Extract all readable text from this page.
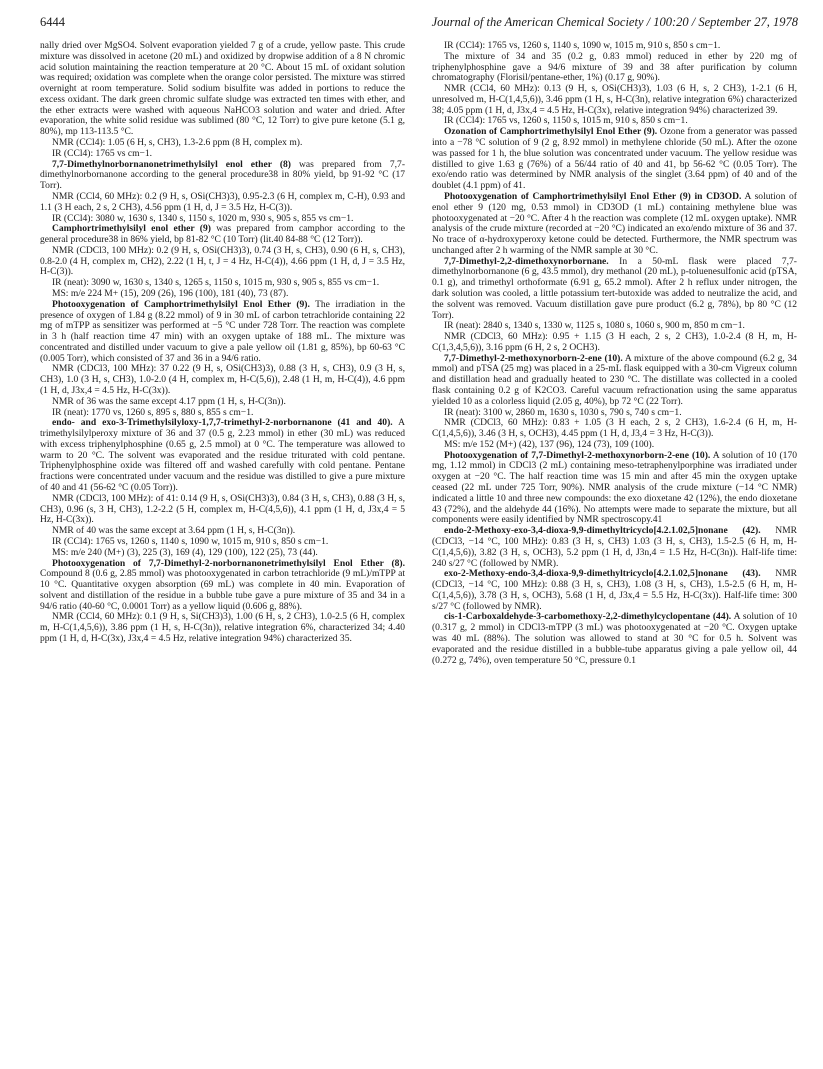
6444	Journal of the American Chemical Society / 100:20 / September 27, 1978

nally dried over MgSO4. Solvent evaporation yielded 7 g of a crude, yellow paste. This crude mixture was dissolved in acetone (20 mL) and oxidized by dropwise addition of a 8 N chromic acid solution maintaining the reaction temperature at 20 °C. About 15 mL of oxidant solution was required; oxidation was complete when the orange color persisted. The mixture was stirred overnight at room temperature. Solid sodium bisulfite was added in portions to reduce the excess oxidant. The dark green chromic sulfate sludge was extracted ten times with ether, and the ether extracts were washed with aqueous NaHCO3 solution and water and dried. After evaporation, the white solid residue was sublimed (80 °C, 12 Torr) to give pure ketone (5.1 g, 80%), mp 113-113.5 °C.

NMR (CCl4): 1.05 (6 H, s, CH3), 1.3-2.6 ppm (8 H, complex m).

IR (CCl4): 1765 vs cm−1.

7,7-Dimethylnorbornanonetrimethylsilyl enol ether (8) was prepared from 7,7-dimethylnorbornanone according to the general procedure38 in 80% yield, bp 91-92 °C (17 Torr).

NMR (CCl4, 60 MHz): 0.2 (9 H, s, OSi(CH3)3), 0.95-2.3 (6 H, complex m, C-H), 0.93 and 1.1 (3 H each, 2 s, 2 CH3), 4.56 ppm (1 H, d, J = 3.5 Hz, H-C(3)).

IR (CCl4): 3080 w, 1630 s, 1340 s, 1150 s, 1020 m, 930 s, 905 s, 855 vs cm−1.

Camphortrimethylsilyl enol ether (9) was prepared from camphor according to the general procedure38 in 86% yield, bp 81-82 °C (10 Torr) (lit.40 84-88 °C (12 Torr)).

NMR (CDCl3, 100 MHz): 0.2 (9 H, s, OSi(CH3)3), 0.74 (3 H, s, CH3), 0.90 (6 H, s, CH3), 0.8-2.0 (4 H, complex m, CH2), 2.22 (1 H, t, J = 4 Hz, H-C(4)), 4.66 ppm (1 H, d, J = 3.5 Hz, H-C(3)).

IR (neat): 3090 w, 1630 s, 1340 s, 1265 s, 1150 s, 1015 m, 930 s, 905 s, 855 vs cm−1.

MS: m/e 224 M+ (15), 209 (26), 196 (100), 181 (40), 73 (87).

Photooxygenation of Camphortrimethylsilyl Enol Ether (9). The irradiation in the presence of oxygen of 1.84 g (8.22 mmol) of 9 in 30 mL of carbon tetrachloride containing 22 mg of mTPP as sensitizer was performed at −5 °C under 728 Torr. The reaction was complete in 3 h (half reaction time 47 min) with an oxygen uptake of 188 mL. The mixture was concentrated and distilled under vacuum to give a pale yellow oil (1.81 g, 85%), bp 60-63 °C (0.005 Torr), which consisted of 37 and 36 in a 94/6 ratio.

NMR (CDCl3, 100 MHz): 37 0.22 (9 H, s, OSi(CH3)3), 0.88 (3 H, s, CH3), 0.9 (3 H, s, CH3), 1.0 (3 H, s, CH3), 1.0-2.0 (4 H, complex m, H-C(5,6)), 2.48 (1 H, m, H-C(4)), 4.6 ppm (1 H, d, J3x,4 = 4.5 Hz, H-C(3x)).

NMR of 36 was the same except 4.17 ppm (1 H, s, H-C(3n)).

IR (neat): 1770 vs, 1260 s, 895 s, 880 s, 855 s cm−1.

endo- and exo-3-Trimethylsilyloxy-1,7,7-trimethyl-2-norbornanone (41 and 40). A trimethylsilylperoxy mixture of 36 and 37 (0.5 g, 2.23 mmol) in ether (30 mL) was reduced with excess triphenylphosphine (0.65 g, 2.5 mmol) at 0 °C. The temperature was allowed to warm to 20 °C. The solvent was evaporated and the residue triturated with cold pentane. Triphenylphosphine oxide was filtered off and washed carefully with cold pentane. Pentane fractions were concentrated under vacuum and the residue was distilled to give a pure mixture of 40 and 41 (56-62 °C (0.05 Torr)).

NMR (CDCl3, 100 MHz): of 41: 0.14 (9 H, s, OSi(CH3)3), 0.84 (3 H, s, CH3), 0.88 (3 H, s, CH3), 0.96 (s, 3 H, CH3), 1.2-2.2 (5 H, complex m, H-C(4,5,6)), 4.1 ppm (1 H, d, J3x,4 = 5 Hz, H-C(3x)).

NMR of 40 was the same except at 3.64 ppm (1 H, s, H-C(3n)).

IR (CCl4): 1765 vs, 1260 s, 1140 s, 1090 w, 1015 m, 910 s, 850 s cm−1.

MS: m/e 240 (M+) (3), 225 (3), 169 (4), 129 (100), 122 (25), 73 (44).

Photooxygenation of 7,7-Dimethyl-2-norbornanonetrimethylsilyl Enol Ether (8). Compound 8 (0.6 g, 2.85 mmol) was photooxygenated in carbon tetrachloride (9 mL)/mTPP at 10 °C. Quantitative oxygen absorption (69 mL) was complete in 40 min. Evaporation of solvent and distillation of the residue in a bubble tube gave a pure mixture of 35 and 34 in a 94/6 ratio (40-60 °C, 0.0001 Torr) as a yellow liquid (0.606 g, 88%).

NMR (CCl4, 60 MHz): 0.1 (9 H, s, Si(CH3)3), 1.00 (6 H, s, 2 CH3), 1.0-2.5 (6 H, complex m, H-C(1,4,5,6)), 3.86 ppm (1 H, s, H-C(3n)), relative integration 6%, characterized 34; 4.40 ppm (1 H, d, H-C(3x), J3x,4 = 4.5 Hz, relative integration 94%) characterized 35.

IR (CCl4): 1765 vs, 1260 s, 1140 s, 1090 w, 1015 m, 910 s, 850 s cm−1.

The mixture of 34 and 35 (0.2 g, 0.83 mmol) reduced in ether by 220 mg of triphenylphosphine gave a 94/6 mixture of 39 and 38 after purification by column chromatography (Florisil/pentane-ether, 1%) (0.17 g, 90%).

NMR (CCl4, 60 MHz): 0.13 (9 H, s, OSi(CH3)3), 1.03 (6 H, s, 2 CH3), 1-2.1 (6 H, unresolved m, H-C(1,4,5,6)), 3.46 ppm (1 H, s, H-C(3n), relative integration 6%) characterized 38; 4.05 ppm (1 H, d, J3x,4 = 4.5 Hz, H-C(3x), relative integration 94%) characterized 39.

IR (CCl4): 1765 vs, 1260 s, 1150 s, 1015 m, 910 s, 850 s cm−1.

Ozonation of Camphortrimethylsilyl Enol Ether (9). Ozone from a generator was passed into a −78 °C solution of 9 (2 g, 8.92 mmol) in methylene chloride (50 mL). After the ozone was passed for 1 h, the blue solution was concentrated under vacuum. The yellow residue was distilled to give 1.63 g (76%) of a 56/44 ratio of 40 and 41, bp 56-62 °C (0.05 Torr). The exo/endo ratio was determined by NMR analysis of the singlet (3.64 ppm) of 40 and of the doublet (4.1 ppm) of 41.

Photooxygenation of Camphortrimethylsilyl Enol Ether (9) in CD3OD. A solution of enol ether 9 (120 mg, 0.53 mmol) in CD3OD (1 mL) containing methylene blue was photooxygenated at −20 °C. After 4 h the reaction was complete (12 mL oxygen uptake). NMR analysis of the crude mixture (recorded at −20 °C) indicated an exo/endo mixture of 36 and 37. No trace of α-hydroxyperoxy ketone could be detected. Furthermore, the NMR spectrum was unchanged after 2 h warming of the NMR sample at 30 °C.

7,7-Dimethyl-2,2-dimethoxynorbornane. In a 50-mL flask were placed 7,7-dimethylnorbornanone (6 g, 43.5 mmol), dry methanol (20 mL), p-toluenesulfonic acid (pTSA, 0.1 g), and trimethyl orthoformate (6.91 g, 65.2 mmol). After 2 h reflux under nitrogen, the dark solution was cooled, a little potassium tert-butoxide was added to neutralize the acid, and the solvent was removed. Vacuum distillation gave pure product (6.2 g, 78%), bp 80 °C (12 Torr).

IR (neat): 2840 s, 1340 s, 1330 w, 1125 s, 1080 s, 1060 s, 900 m, 850 m cm−1.

NMR (CDCl3, 60 MHz): 0.95 + 1.15 (3 H each, 2 s, 2 CH3), 1.0-2.4 (8 H, m, H-C(1,3,4,5,6)), 3.16 ppm (6 H, 2 s, 2 OCH3).

7,7-Dimethyl-2-methoxynorborn-2-ene (10). A mixture of the above compound (6.2 g, 34 mmol) and pTSA (25 mg) was placed in a 25-mL flask equipped with a 30-cm Vigreux column and distillation head and gradually heated to 230 °C. The distillate was collected in a cooled flask containing 0.2 g of K2CO3. Careful vacuum refractionation using the same apparatus yielded 10 as a colorless liquid (2.05 g, 40%), bp 72 °C (22 Torr).

IR (neat): 3100 w, 2860 m, 1630 s, 1030 s, 790 s, 740 s cm−1.

NMR (CDCl3, 60 MHz): 0.83 + 1.05 (3 H each, 2 s, 2 CH3), 1.6-2.4 (6 H, m, H-C(1,4,5,6)), 3.46 (3 H, s, OCH3), 4.45 ppm (1 H, d, J3,4 = 3 Hz, H-C(3)).

MS: m/e 152 (M+) (42), 137 (96), 124 (73), 109 (100).

Photooxygenation of 7,7-Dimethyl-2-methoxynorborn-2-ene (10). A solution of 10 (170 mg, 1.12 mmol) in CDCl3 (2 mL) containing meso-tetraphenylporphine was irradiated under oxygen at −20 °C. The half reaction time was 15 min and after 45 min the oxygen uptake ceased (22 mL under 725 Torr, 90%). NMR analysis of the crude mixture (−14 °C NMR) indicated a little 10 and three new compounds: the exo dioxetane 42 (12%), the endo dioxetane 43 (72%), and the aldehyde 44 (16%). No attempts were made to separate the mixture, but all components were easily identified by NMR spectroscopy.41

endo-2-Methoxy-exo-3,4-dioxa-9,9-dimethyltricyclo[4.2.1.02,5]nonane (42). NMR (CDCl3, −14 °C, 100 MHz): 0.83 (3 H, s, CH3) 1.03 (3 H, s, CH3), 1.5-2.5 (6 H, m, H-C(1,4,5,6)), 3.82 (3 H, s, OCH3), 5.2 ppm (1 H, d, J3n,4 = 1.5 Hz, H-C(3n)). Half-life time: 240 s/27 °C (followed by NMR).

exo-2-Methoxy-endo-3,4-dioxa-9,9-dimethyltricyclo[4.2.1.02,5]nonane (43). NMR (CDCl3, −14 °C, 100 MHz): 0.88 (3 H, s, CH3), 1.08 (3 H, s, CH3), 1.5-2.5 (6 H, m, H-C(1,4,5,6)), 3.78 (3 H, s, OCH3), 5.68 (1 H, d, J3x,4 = 5.5 Hz, H-C(3x)). Half-life time: 300 s/27 °C (followed by NMR).

cis-1-Carboxaldehyde-3-carbomethoxy-2,2-dimethylcyclopentane (44). A solution of 10 (0.317 g, 2 mmol) in CDCl3-mTPP (3 mL) was photooxygenated at −20 °C. Oxygen uptake was 40 mL (88%). The solution was allowed to stand at 30 °C for 0.5 h. Solvent was evaporated and the residue distilled in a bubble-tube apparatus giving a pale yellow oil, 44 (0.272 g, 74%), oven temperature 50 °C, pressure 0.1
